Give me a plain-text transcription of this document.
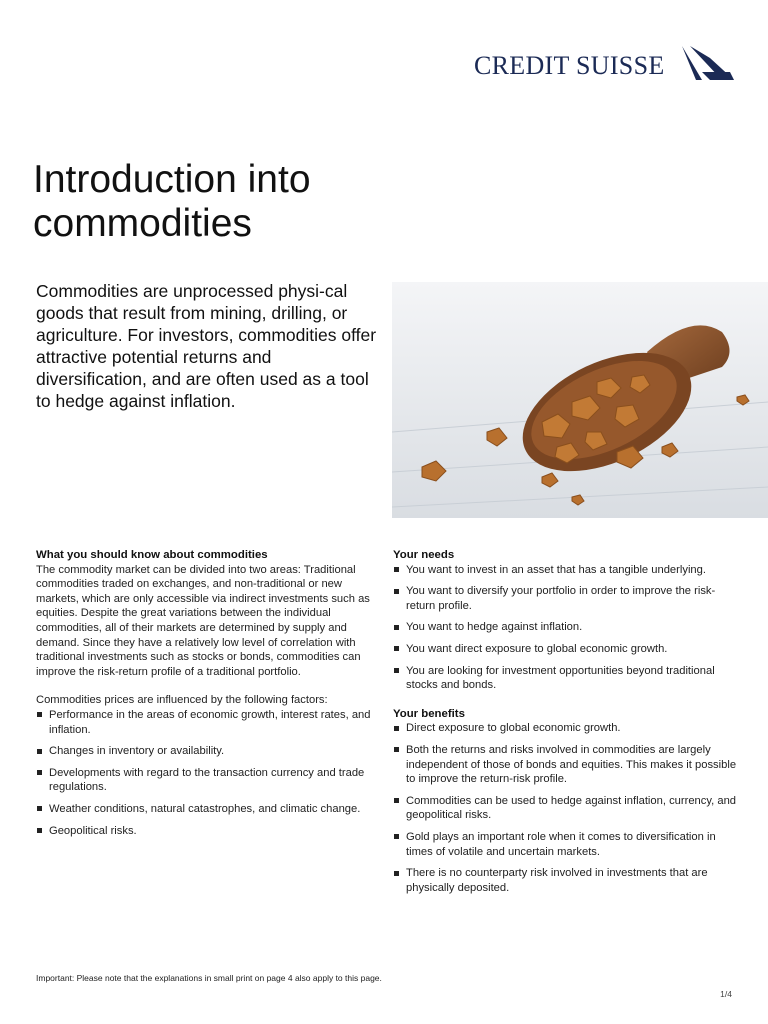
CREDIT SUISSE
Introduction into commodities

Commodities are unprocessed physi-cal goods that result from mining, drilling, or agriculture. For investors, commodities offer attractive potential returns and diversification, and are often used as a tool to hedge against inflation.

What you should know about commodities

The commodity market can be divided into two areas: Traditional commodities traded on exchanges, and non-traditional or new markets, which are only accessible via indirect investments such as equities. Despite the great variations between the individual commodities, all of their markets are determined by supply and demand. Since they have a relatively low level of correlation with traditional investments such as stocks or bonds, commodities can improve the risk-return profile of a traditional portfolio.

Commodities prices are influenced by the following factors:
Performance in the areas of economic growth, interest rates, and inflation.
Changes in inventory or availability.
Developments with regard to the transaction currency and trade regulations.
Weather conditions, natural catastrophes, and climatic change.
Geopolitical risks.
Your needs
You want to invest in an asset that has a tangible underlying.
You want to diversify your portfolio in order to improve the risk-return profile.
You want to hedge against inflation.
You want direct exposure to global economic growth.
You are looking for investment opportunities beyond traditional stocks and bonds.
Your benefits
Direct exposure to global economic growth.
Both the returns and risks involved in commodities are largely independent of those of bonds and equities. This makes it possible to improve the return-risk profile.
Commodities can be used to hedge against inflation, currency, and geopolitical risks.
Gold plays an important role when it comes to diversification in times of volatile and uncertain markets.
There is no counterparty risk involved in investments that are physically deposited.
Important: Please note that the explanations in small print on page 4 also apply to this page.
1/4
